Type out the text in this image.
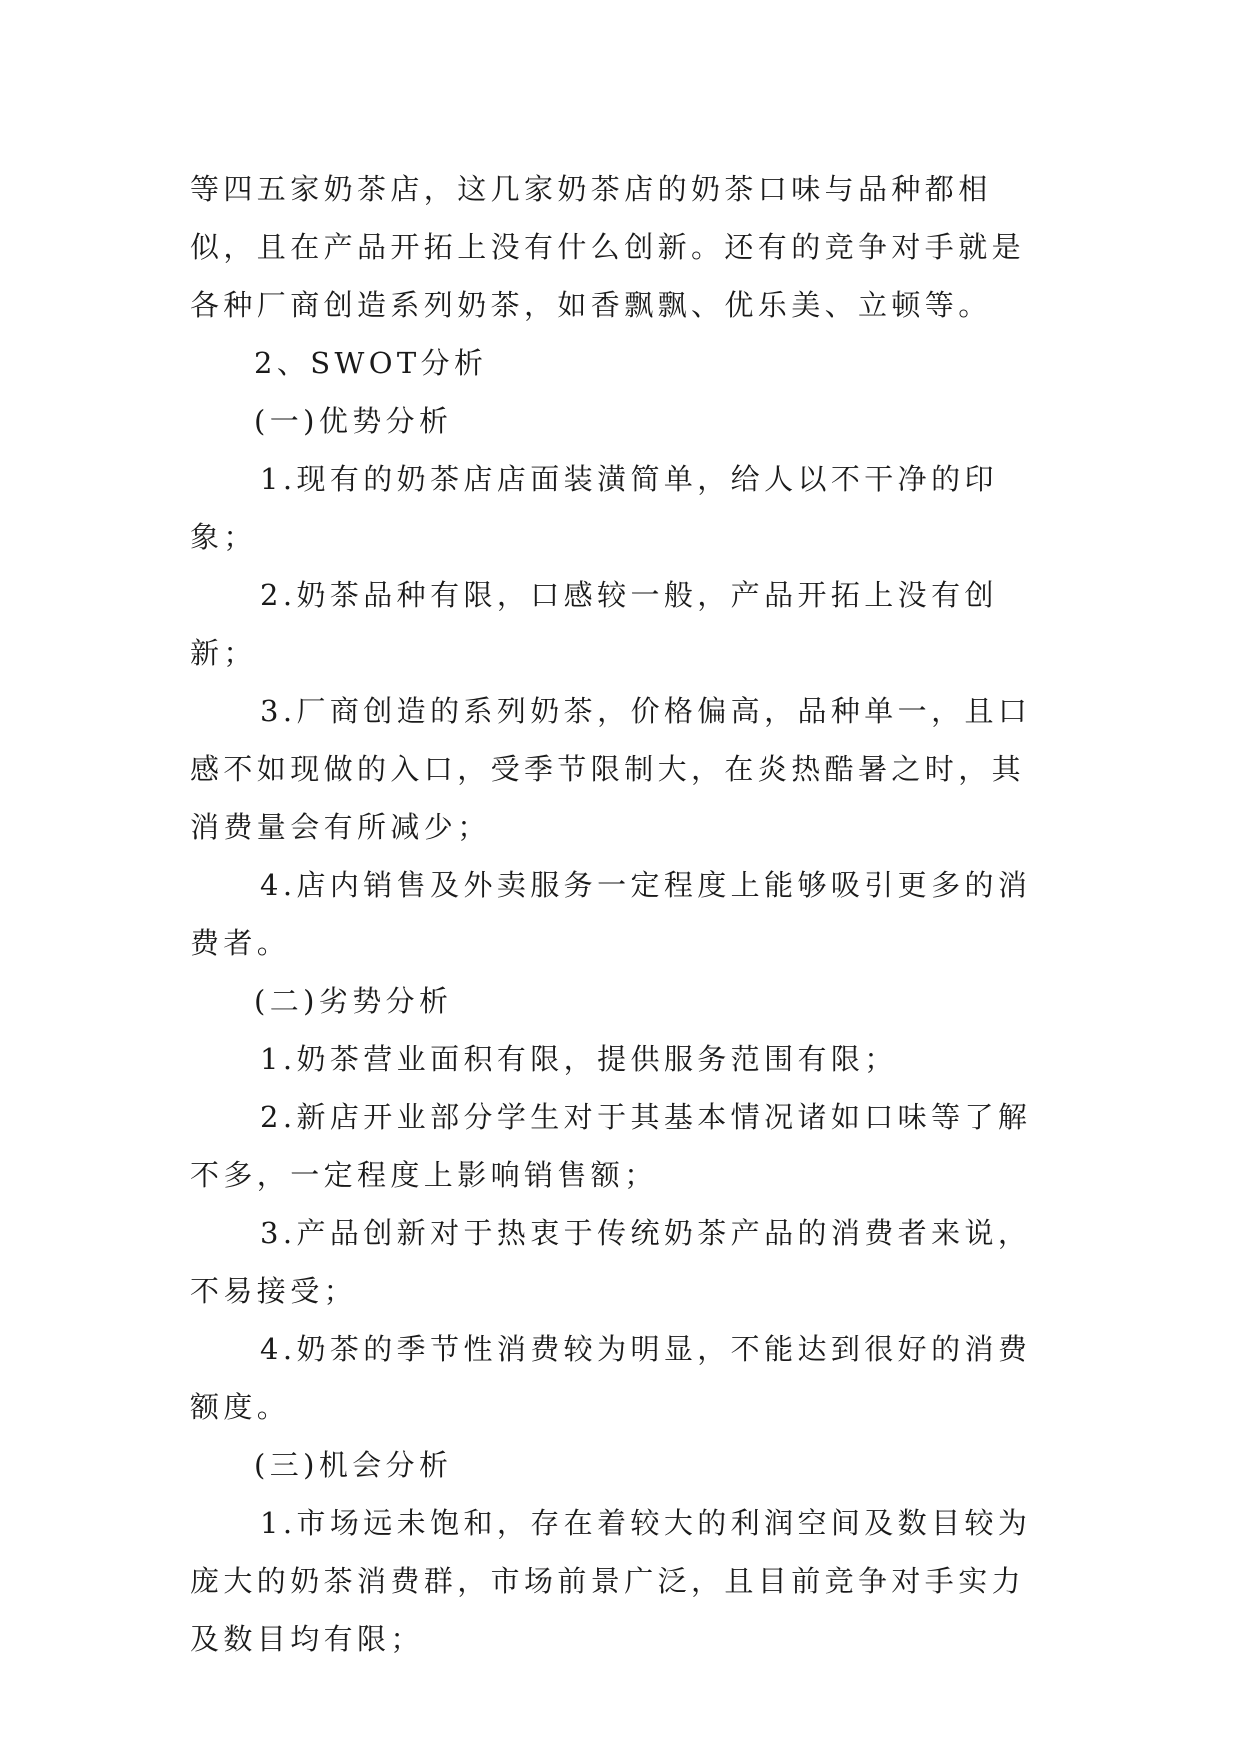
等四五家奶茶店，这几家奶茶店的奶茶口味与品种都相似，且在产品开拓上没有什么创新。还有的竞争对手就是各种厂商创造系列奶茶，如香飘飘、优乐美、立顿等。

2、SWOT分析

(一)优势分析

1.现有的奶茶店店面装潢简单，给人以不干净的印象；

2.奶茶品种有限，口感较一般，产品开拓上没有创新；

3.厂商创造的系列奶茶，价格偏高，品种单一，且口感不如现做的入口，受季节限制大，在炎热酷暑之时，其消费量会有所减少；

4.店内销售及外卖服务一定程度上能够吸引更多的消费者。

(二)劣势分析

1.奶茶营业面积有限，提供服务范围有限；

2.新店开业部分学生对于其基本情况诸如口味等了解不多，一定程度上影响销售额；

3.产品创新对于热衷于传统奶茶产品的消费者来说，不易接受；

4.奶茶的季节性消费较为明显，不能达到很好的消费额度。

(三)机会分析

1.市场远未饱和，存在着较大的利润空间及数目较为庞大的奶茶消费群，市场前景广泛，且目前竞争对手实力及数目均有限；
